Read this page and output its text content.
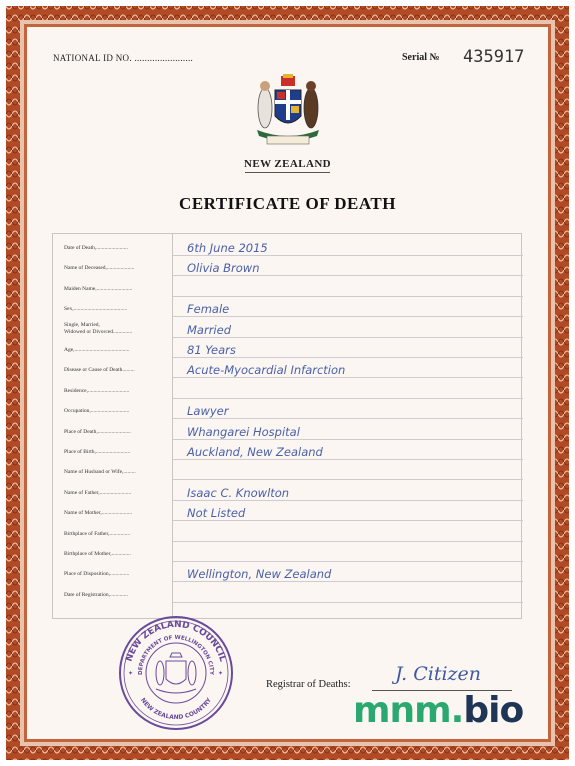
NATIONAL ID NO. .......................	Serial № 435917
NEW ZEALAND
CERTIFICATE OF DEATH
Date of Death,.......................	6th June 2015
Name of Deceased,....................	Olivia Brown
Maiden Name,..........................
Sex,.......................................	Female
Single, Married,
Widowed or Divorced..............	Married
Age,........................................	81 Years
Disease or Cause of Death.........	Acute-Myocardial Infarction
Residence,..............................
Occupation,............................	Lawyer
Place of Death,........................	Whangarei Hospital
Place of Birth,.........................	Auckland, New Zealand
Name of Husband or Wife,.........
Name of Father,.......................	Isaac C. Knowlton
Name of Mother,......................	Not Listed
Birthplace of Father,...............
Birthplace of Mother,..............
Place of Disposition,..............	Wellington, New Zealand
Date of Registration,.............
NEW ZEALAND COUNCIL
DEPARTMENT OF WELLINGTON CITY
NEW ZEALAND COUNTRY
✦	✦
Registrar of Deaths: J. Citizen
mnm.bio
